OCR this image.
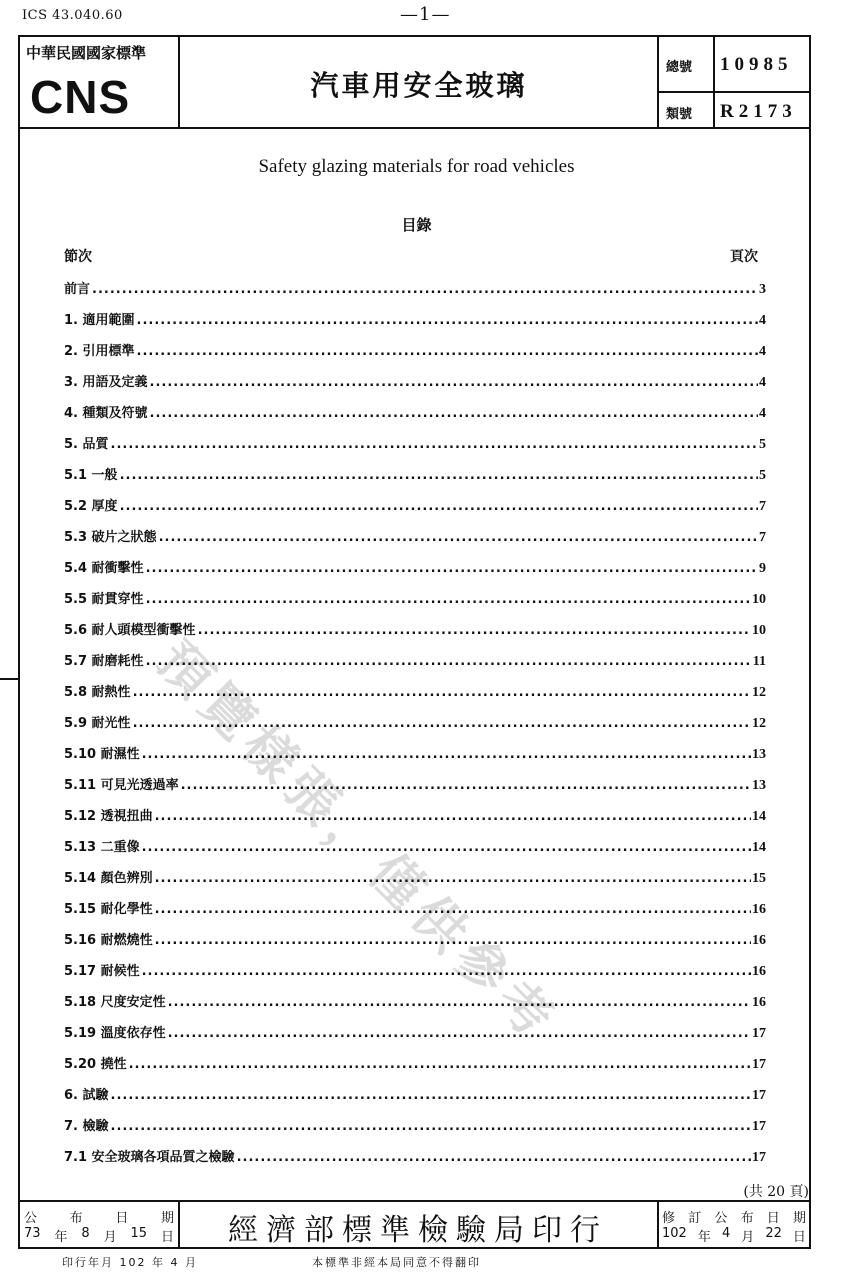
ICS 43.040.60	—1—
中華民國國家標準
CNS	汽車用安全玻璃
總號 10985
類號 R2173
Safety glazing materials for road vehicles
目錄
節次	頁次
前言 .....	3
1. 適用範圍 .....	4
2. 引用標準 .....	4
3. 用語及定義 .....	4
4. 種類及符號 .....	4
5. 品質 .....	5
5.1 一般 .....	5
5.2 厚度 .....	7
5.3 破片之狀態 .....	7
5.4 耐衝擊性 .....	9
5.5 耐貫穿性 .....	10
5.6 耐人頭模型衝擊性 .....	10
5.7 耐磨耗性 .....	11
5.8 耐熱性 .....	12
5.9 耐光性 .....	12
5.10 耐濕性 .....	13
5.11 可見光透過率 .....	13
5.12 透視扭曲 .....	14
5.13 二重像 .....	14
5.14 顏色辨別 .....	15
5.15 耐化學性 .....	16
5.16 耐燃燒性 .....	16
5.17 耐候性 .....	16
5.18 尺度安定性 .....	16
5.19 溫度依存性 .....	17
5.20 撓性 .....	17
6. 試驗 .....	17
7. 檢驗 .....	17
7.1 安全玻璃各項品質之檢驗 .....	17
預覽樣張，僅供參考
(共 20 頁)
公	布	日	期
73 年 8 月 15 日	經濟部標準檢驗局印行	修 訂 公 布 日 期
102 年 4 月 22 日
印行年月 102 年 4 月	本標準非經本局同意不得翻印
